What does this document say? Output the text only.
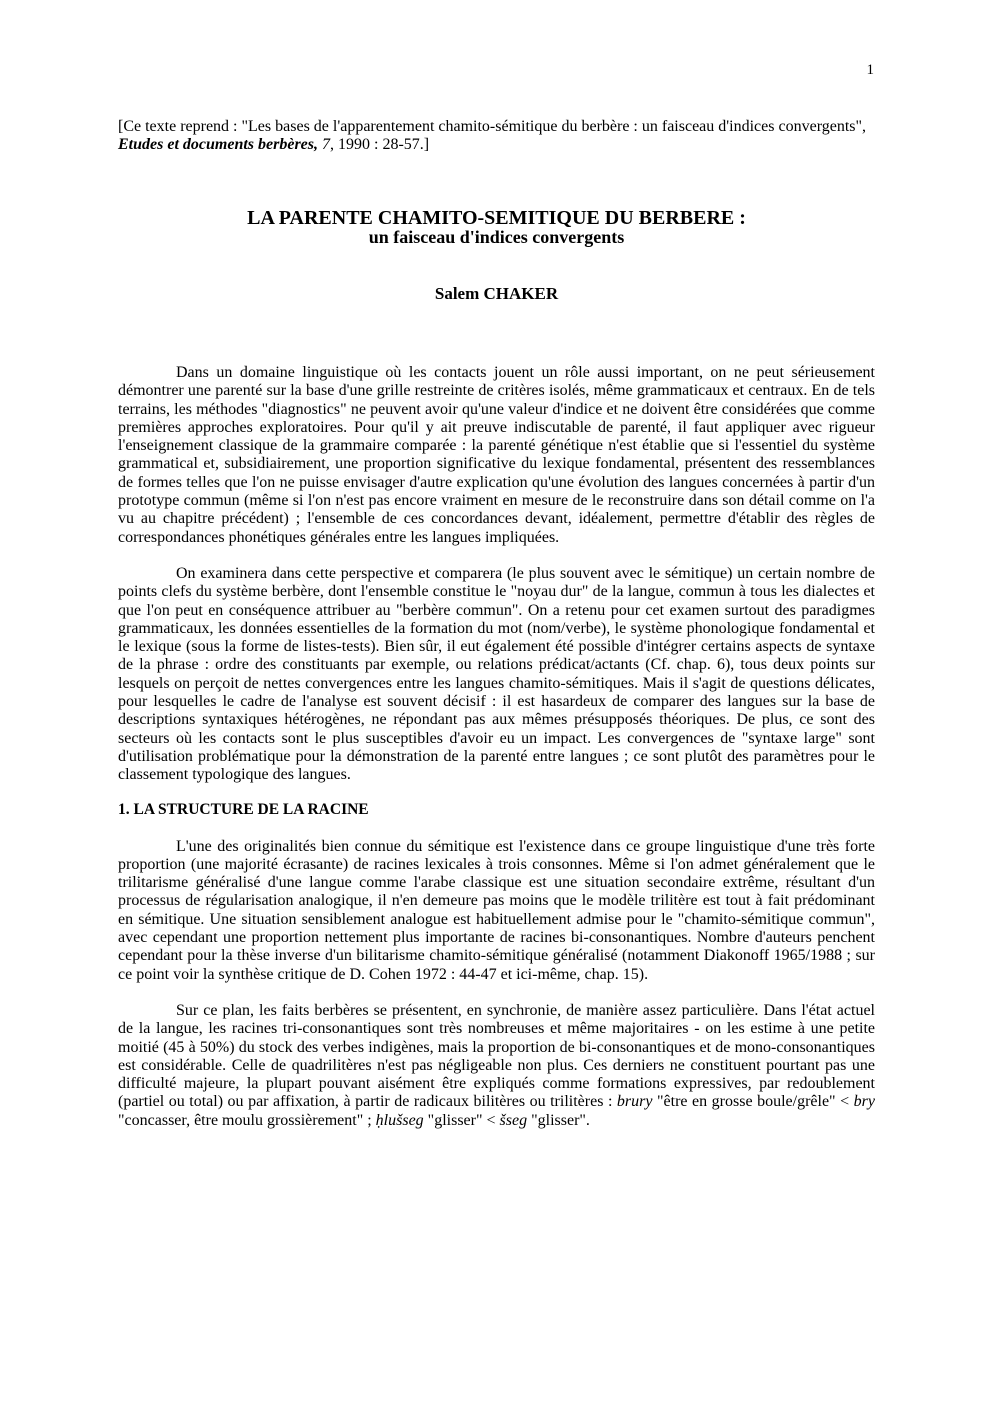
1

[Ce texte reprend : "Les bases de l'apparentement chamito-sémitique du berbère : un faisceau d'indices convergents", Etudes et documents berbères, 7, 1990 : 28-57.]

LA PARENTE CHAMITO-SEMITIQUE DU BERBERE :

un faisceau d'indices convergents

Salem CHAKER

Dans un domaine linguistique où les contacts jouent un rôle aussi important, on ne peut sérieusement démontrer une parenté sur la base d'une grille restreinte de critères isolés, même grammaticaux et centraux. En de tels terrains, les méthodes "diagnostics" ne peuvent avoir qu'une valeur d'indice et ne doivent être considérées que comme premières approches exploratoires. Pour qu'il y ait preuve indiscutable de parenté, il faut appliquer avec rigueur l'enseignement classique de la grammaire comparée : la parenté génétique n'est établie que si l'essentiel du système grammatical et, subsidiairement, une proportion significative du lexique fondamental, présentent des ressemblances de formes telles que l'on ne puisse envisager d'autre explication qu'une évolution des langues concernées à partir d'un prototype commun (même si l'on n'est pas encore vraiment en mesure de le reconstruire dans son détail comme on l'a vu au chapitre précédent) ; l'ensemble de ces concordances devant, idéalement, permettre d'établir des règles de correspondances phonétiques générales entre les langues impliquées.

On examinera dans cette perspective et comparera (le plus souvent avec le sémitique) un certain nombre de points clefs du système berbère, dont l'ensemble constitue le "noyau dur" de la langue, commun à tous les dialectes et que l'on peut en conséquence attribuer au "berbère commun". On a retenu pour cet examen surtout des paradigmes grammaticaux, les données essentielles de la formation du mot (nom/verbe), le système phonologique fondamental et le lexique (sous la forme de listes-tests). Bien sûr, il eut également été possible d'intégrer certains aspects de syntaxe de la phrase : ordre des constituants par exemple, ou relations prédicat/actants (Cf. chap. 6), tous deux points sur lesquels on perçoit de nettes convergences entre les langues chamito-sémitiques. Mais il s'agit de questions délicates, pour lesquelles le cadre de l'analyse est souvent décisif : il est hasardeux de comparer des langues sur la base de descriptions syntaxiques hétérogènes, ne répondant pas aux mêmes présupposés théoriques. De plus, ce sont des secteurs où les contacts sont le plus susceptibles d'avoir eu un impact. Les convergences de "syntaxe large" sont d'utilisation problématique pour la démonstration de la parenté entre langues ; ce sont plutôt des paramètres pour le classement typologique des langues.

1. LA STRUCTURE DE LA RACINE

L'une des originalités bien connue du sémitique est l'existence dans ce groupe linguistique d'une très forte proportion (une majorité écrasante) de racines lexicales à trois consonnes. Même si l'on admet généralement que le trilitarisme généralisé d'une langue comme l'arabe classique est une situation secondaire extrême, résultant d'un processus de régularisation analogique, il n'en demeure pas moins que le modèle trilitère est tout à fait prédominant en sémitique. Une situation sensiblement analogue est habituellement admise pour le "chamito-sémitique commun", avec cependant une proportion nettement plus importante de racines bi-consonantiques. Nombre d'auteurs penchent cependant pour la thèse inverse d'un bilitarisme chamito-sémitique généralisé (notamment Diakonoff 1965/1988 ; sur ce point voir la synthèse critique de D. Cohen 1972 : 44-47 et ici-même, chap. 15).

Sur ce plan, les faits berbères se présentent, en synchronie, de manière assez particulière. Dans l'état actuel de la langue, les racines tri-consonantiques sont très nombreuses et même majoritaires - on les estime à une petite moitié (45 à 50%) du stock des verbes indigènes, mais la proportion de bi-consonantiques et de mono-consonantiques est considérable. Celle de quadrilitères n'est pas négligeable non plus. Ces derniers ne constituent pourtant pas une difficulté majeure, la plupart pouvant aisément être expliqués comme formations expressives, par redoublement (partiel ou total) ou par affixation, à partir de radicaux bilitères ou trilitères : brury "être en grosse boule/grêle" < bry "concasser, être moulu grossièrement" ; ḥlušseg "glisser" < šseg "glisser".
